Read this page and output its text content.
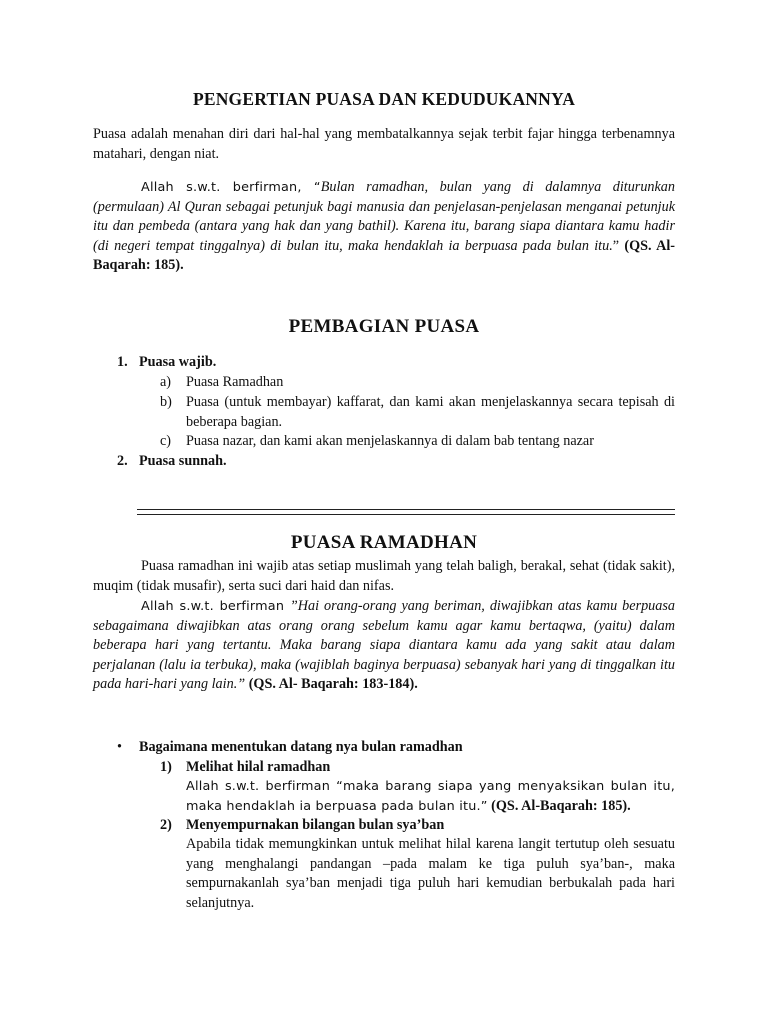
PENGERTIAN PUASA DAN KEDUDUKANNYA

Puasa adalah menahan diri dari hal-hal yang membatalkannya sejak terbit fajar hingga terbenamnya matahari, dengan niat.

Allah s.w.t. berfirman, “Bulan ramadhan, bulan yang di dalamnya diturunkan (permulaan) Al Quran sebagai petunjuk bagi manusia dan penjelasan-penjelasan menganai petunjuk itu dan pembeda (antara yang hak dan yang bathil). Karena itu, barang siapa diantara kamu hadir (di negeri tempat tinggalnya) di bulan itu, maka hendaklah ia berpuasa pada bulan itu.” (QS. Al-Baqarah: 185).

PEMBAGIAN PUASA
1. Puasa wajib.
a) Puasa Ramadhan
b) Puasa (untuk membayar) kaffarat, dan kami akan menjelaskannya secara tepisah di beberapa bagian.
c) Puasa nazar, dan kami akan menjelaskannya di dalam bab tentang nazar
2. Puasa sunnah.
PUASA RAMADHAN

Puasa ramadhan ini wajib atas setiap muslimah yang telah baligh, berakal, sehat (tidak sakit), muqim (tidak musafir), serta suci dari haid dan nifas.

Allah s.w.t. berfirman ”Hai orang-orang yang beriman, diwajibkan atas kamu berpuasa sebagaimana diwajibkan atas orang orang sebelum kamu agar kamu bertaqwa, (yaitu) dalam beberapa hari yang tertantu. Maka barang siapa diantara kamu ada yang sakit atau dalam perjalanan (lalu ia terbuka), maka (wajiblah baginya berpuasa) sebanyak hari yang di tinggalkan itu pada hari-hari yang lain.” (QS. Al- Baqarah: 183-184).

• Bagaimana menentukan datang nya bulan ramadhan
1) Melihat hilal ramadhan

Allah s.w.t. berfirman “maka barang siapa yang menyaksikan bulan itu, maka hendaklah ia berpuasa pada bulan itu.” (QS. Al-Baqarah: 185).

2) Menyempurnakan bilangan bulan sya’ban

Apabila tidak memungkinkan untuk melihat hilal karena langit tertutup oleh sesuatu yang menghalangi pandangan –pada malam ke tiga puluh sya’ban-, maka sempurnakanlah sya’ban menjadi tiga puluh hari kemudian berbukalah pada hari selanjutnya.
